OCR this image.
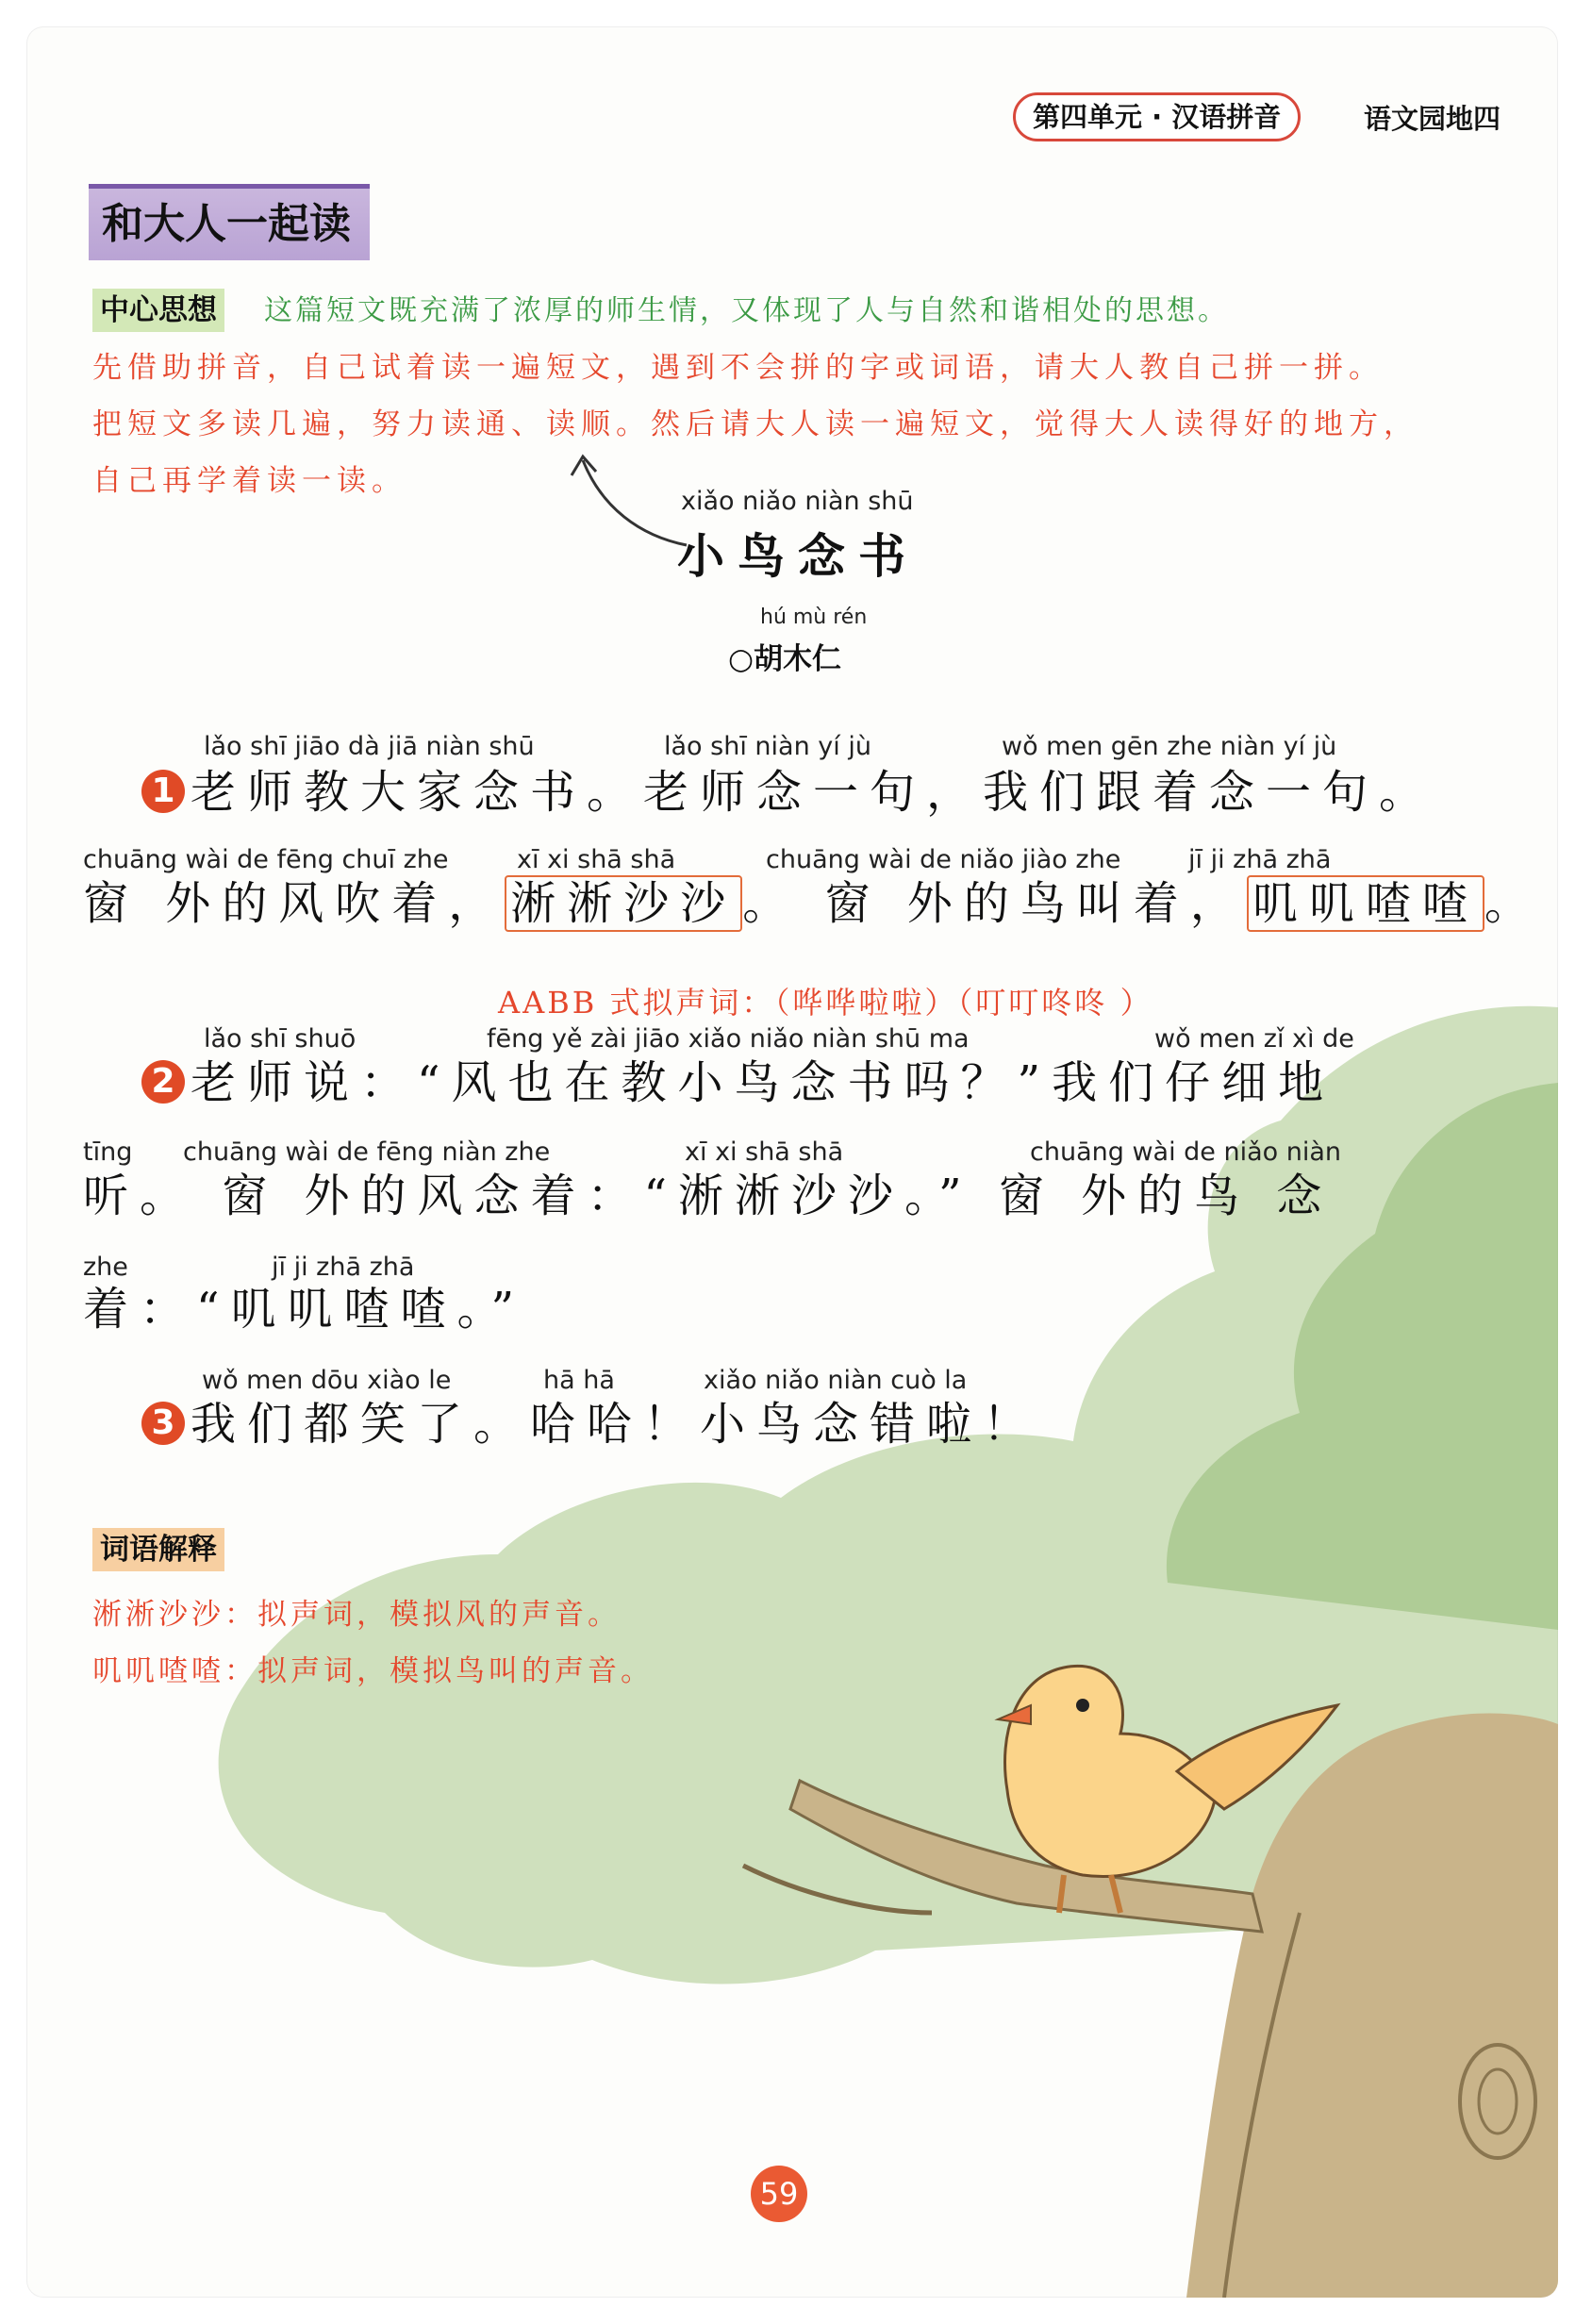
第四单元 · 汉语拼音	语文园地四
和大人一起读
中心思想 这篇短文既充满了浓厚的师生情，又体现了人与自然和谐相处的思想。
先借助拼音，自己试着读一遍短文，遇到不会拼的字或词语，请大人教自己拼一拼。
把短文多读几遍，努力读通、读顺。然后请大人读一遍短文，觉得大人读得好的地方，
自己再学着读一读。
xiǎo niǎo niàn shū
小鸟念书
hú mù rén
○胡木仁
lǎo shī jiāo dà jiā niàn shū	lǎo shī niàn yí jù	wǒ men gēn zhe niàn yí jù
1 老师教大家念书。老师念一句，我们跟着念一句。
chuāng wài de fēng chuī zhe	xī xi shā shā	chuāng wài de niǎo jiào zhe	jī ji zhā zhā
窗 外的风吹着， 淅淅沙沙 。 窗 外的鸟叫着， 叽叽喳喳 。
AABB 式拟声词：（哗哗啦啦）（叮叮咚咚 ）
lǎo shī shuō	fēng yě zài jiāo xiǎo niǎo niàn shū ma	wǒ men zǐ xì de
2 老师说：“风也在教小鸟念书吗？”我们仔细地
tīng chuāng wài de fēng niàn zhe	xī xi shā shā	chuāng wài de niǎo niàn
听。 窗 外的风念着：“淅淅沙沙。” 窗 外的鸟 念
zhe	jī ji zhā zhā
着：“叽叽喳喳。”
wǒ men dōu xiào le	hā hā	xiǎo niǎo niàn cuò la
3 我们都笑了。哈哈！小鸟念错啦！
词语解释
淅淅沙沙：拟声词，模拟风的声音。
叽叽喳喳：拟声词，模拟鸟叫的声音。
59
